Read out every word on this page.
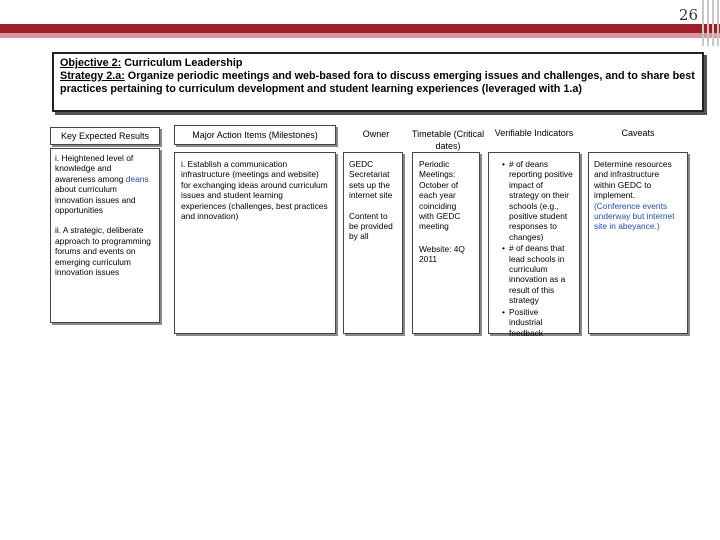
26
Objective 2: Curriculum Leadership
Strategy 2.a: Organize periodic meetings and web-based fora to discuss emerging issues and challenges, and to share best practices pertaining to curriculum development and student learning experiences (leveraged with 1.a)
Key Expected Results
i. Heightened level of knowledge and awareness among deans about curriculum innovation issues and opportunities
ii. A strategic, deliberate approach to programming forums and events on emerging curriculum innovation issues
Major Action Items (Milestones)
i. Establish a communication infrastructure (meetings and website) for exchanging ideas around curriculum issues and student learning experiences (challenges, best practices and innovation)
Owner
GEDC Secretariat sets up the internet site
Content to be provided by all
Timetable (Critical dates)
Periodic Meetings: October of each year coinciding with GEDC meeting
Website: 4Q 2011
Verifiable Indicators
• # of deans reporting positive impact of strategy on their schools (e.g., positive student responses to changes)
• # of deans that lead schools in curriculum innovation as a result of this strategy
• Positive industrial feedback
Caveats
Determine resources and infrastructure within GEDC to implement.
(Conference events underway but internet site in abeyance.)
